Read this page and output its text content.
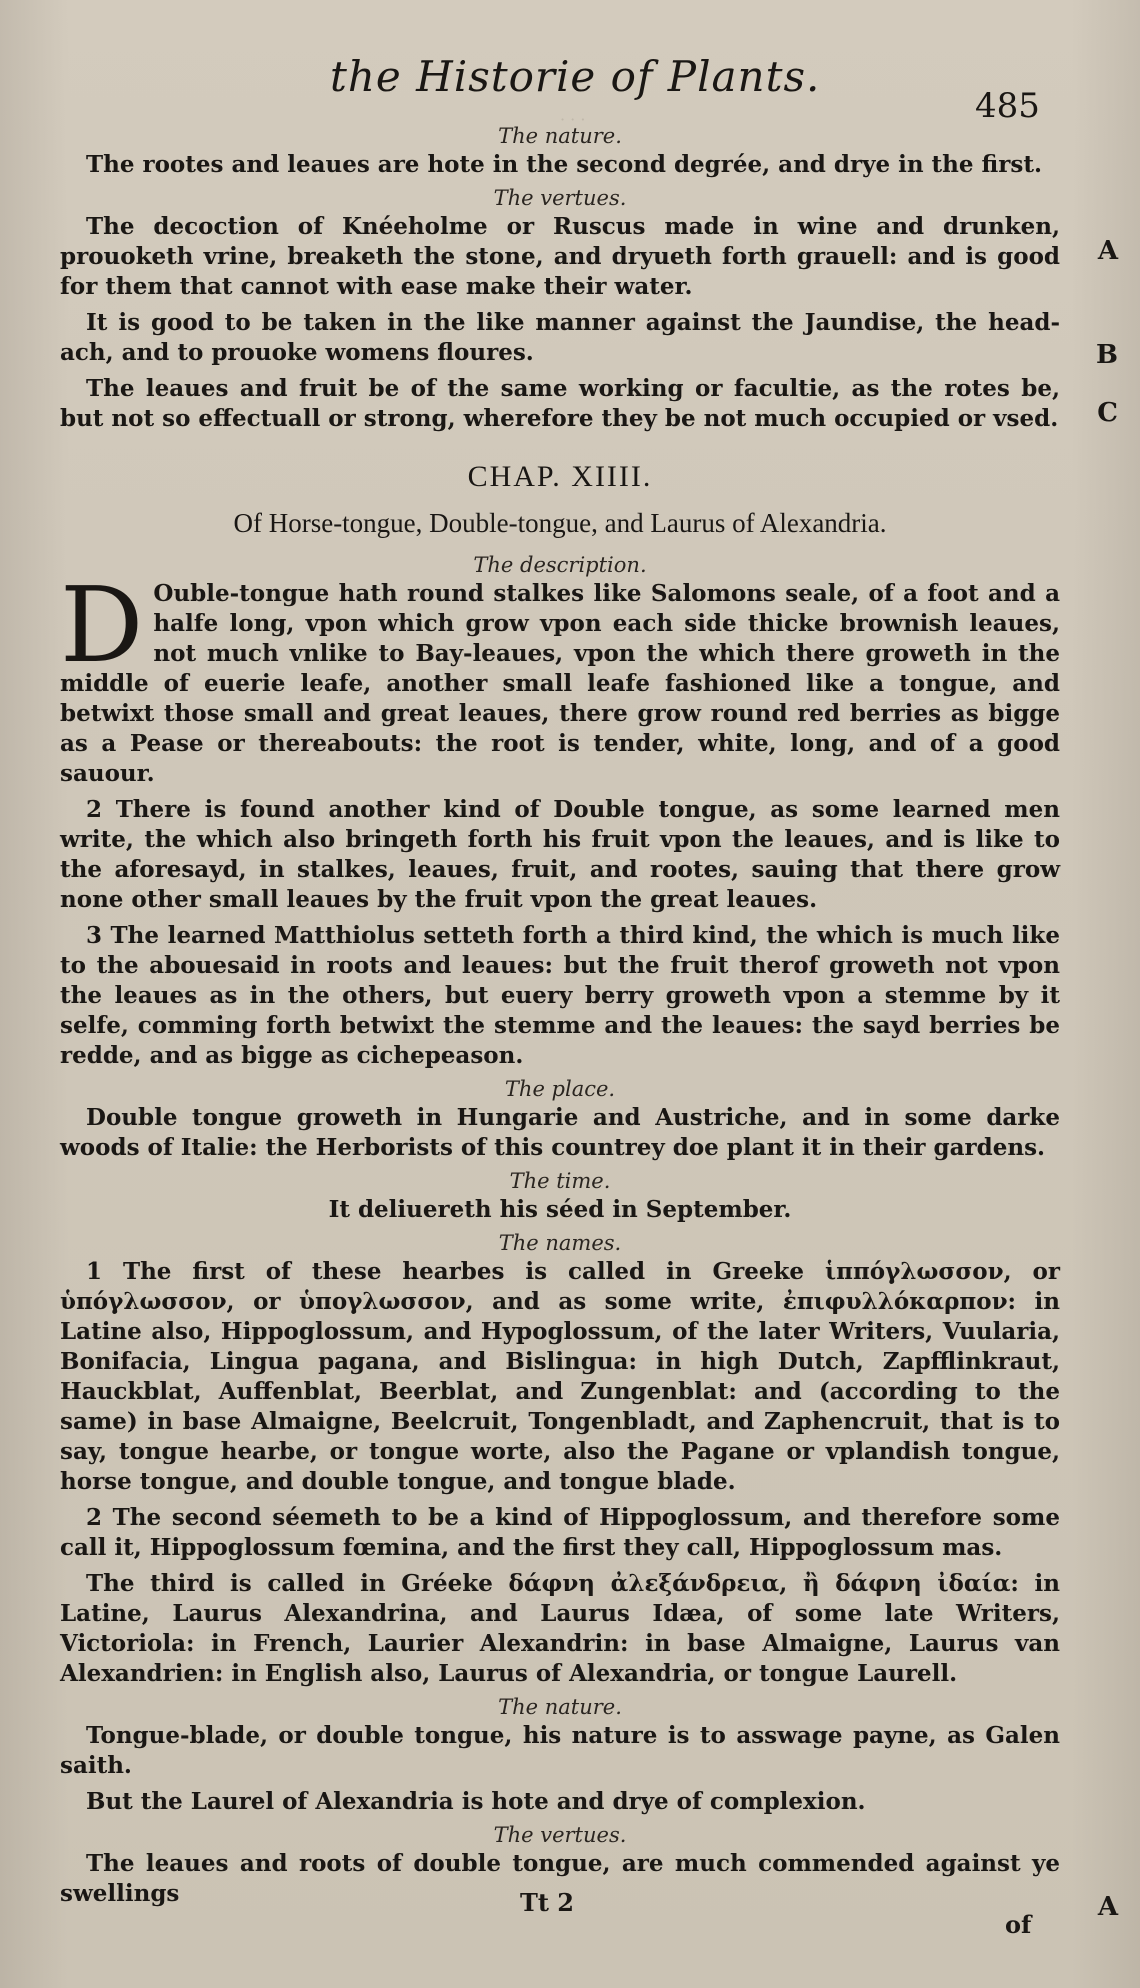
· · ·
the Historie of Plants.
485
A
B
C
A
The nature.

The rootes and leaues are hote in the second degrée, and drye in the first.

The vertues.

The decoction of Knéeholme or Ruscus made in wine and drunken, prouoketh vrine, breaketh the stone, and dryueth forth grauell: and is good for them that cannot with ease make their water.

It is good to be taken in the like manner against the Jaundise, the head-ach, and to prouoke womens floures.

The leaues and fruit be of the same working or facultie, as the rotes be, but not so effectuall or strong, wherefore they be not much occupied or vsed.

CHAP. XIIII.
Of Horse-tongue, Double-tongue, and Laurus of Alexandria.
The description.

D Ouble-tongue hath round stalkes like Salomons seale, of a foot and a halfe long, vpon which grow vpon each side thicke brownish leaues, not much vnlike to Bay-leaues, vpon the which there groweth in the middle of euerie leafe, another small leafe fashioned like a tongue, and betwixt those small and great leaues, there grow round red berries as bigge as a Pease or thereabouts: the root is tender, white, long, and of a good sauour.

2 There is found another kind of Double tongue, as some learned men write, the which also bringeth forth his fruit vpon the leaues, and is like to the aforesayd, in stalkes, leaues, fruit, and rootes, sauing that there grow none other small leaues by the fruit vpon the great leaues.

3 The learned Matthiolus setteth forth a third kind, the which is much like to the abouesaid in roots and leaues: but the fruit therof groweth not vpon the leaues as in the others, but euery berry groweth vpon a stemme by it selfe, comming forth betwixt the stemme and the leaues: the sayd berries be redde, and as bigge as cichepeason.

The place.

Double tongue groweth in Hungarie and Austriche, and in some darke woods of Italie: the Herborists of this countrey doe plant it in their gardens.

The time.

It deliuereth his séed in September.

The names.

1 The first of these hearbes is called in Greeke ἱππόγλωσσον, or ὑπόγλωσσον, or ὑπογλωσσον, and as some write, ἐπιφυλλόκαρπον: in Latine also, Hippoglossum, and Hypoglossum, of the later Writers, Vuularia, Bonifacia, Lingua pagana, and Bislingua: in high Dutch, Zapfflinkraut, Hauckblat, Auffenblat, Beerblat, and Zungenblat: and (according to the same) in base Almaigne, Beelcruit, Tongenbladt, and Zaphencruit, that is to say, tongue hearbe, or tongue worte, also the Pagane or vplandish tongue, horse tongue, and double tongue, and tongue blade.

2 The second séemeth to be a kind of Hippoglossum, and therefore some call it, Hippoglossum fœmina, and the first they call, Hippoglossum mas.

The third is called in Gréeke δάφνη ἀλεξάνδρεια, ἢ δάφνη ἰδαία: in Latine, Laurus Alexandrina, and Laurus Idæa, of some late Writers, Victoriola: in French, Laurier Alexandrin: in base Almaigne, Laurus van Alexandrien: in English also, Laurus of Alexandria, or tongue Laurell.

The nature.

Tongue-blade, or double tongue, his nature is to asswage payne, as Galen saith.

But the Laurel of Alexandria is hote and drye of complexion.

The vertues.

The leaues and roots of double tongue, are much commended against ye swellings	Tt 2
of
